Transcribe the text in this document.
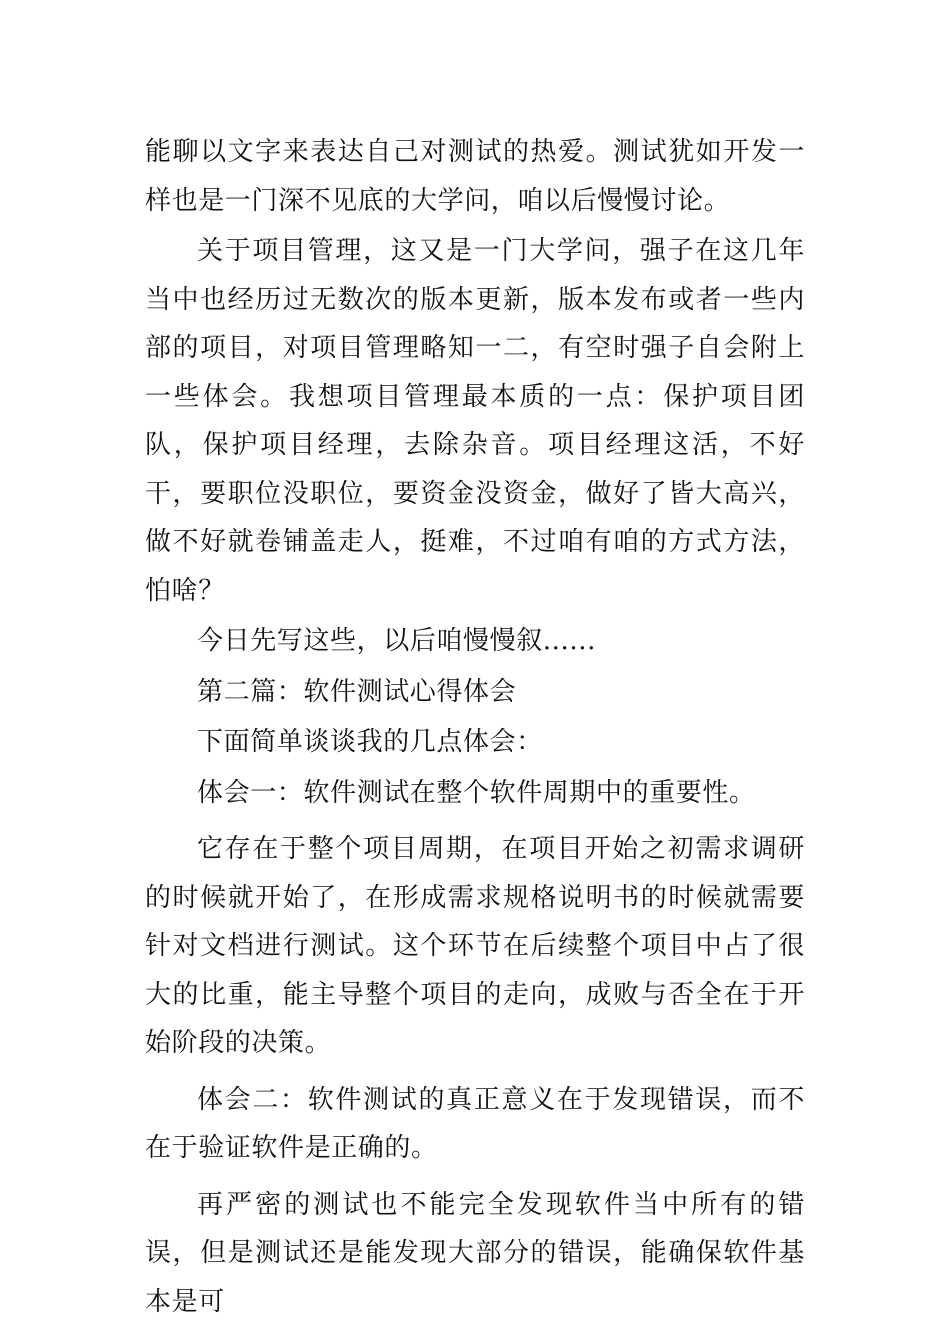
能聊以文字来表达自己对测试的热爱。测试犹如开发一样也是一门深不见底的大学问，咱以后慢慢讨论。

关于项目管理，这又是一门大学问，强子在这几年当中也经历过无数次的版本更新，版本发布或者一些内部的项目，对项目管理略知一二，有空时强子自会附上一些体会。我想项目管理最本质的一点：保护项目团队，保护项目经理，去除杂音。项目经理这活，不好干，要职位没职位，要资金没资金，做好了皆大高兴，做不好就卷铺盖走人，挺难，不过咱有咱的方式方法，怕啥？

今日先写这些，以后咱慢慢叙......

第二篇：软件测试心得体会

下面简单谈谈我的几点体会：

体会一：软件测试在整个软件周期中的重要性。

它存在于整个项目周期，在项目开始之初需求调研的时候就开始了，在形成需求规格说明书的时候就需要针对文档进行测试。这个环节在后续整个项目中占了很大的比重，能主导整个项目的走向，成败与否全在于开始阶段的决策。

体会二：软件测试的真正意义在于发现错误，而不在于验证软件是正确的。

再严密的测试也不能完全发现软件当中所有的错误，但是测试还是能发现大部分的错误，能确保软件基本是可
